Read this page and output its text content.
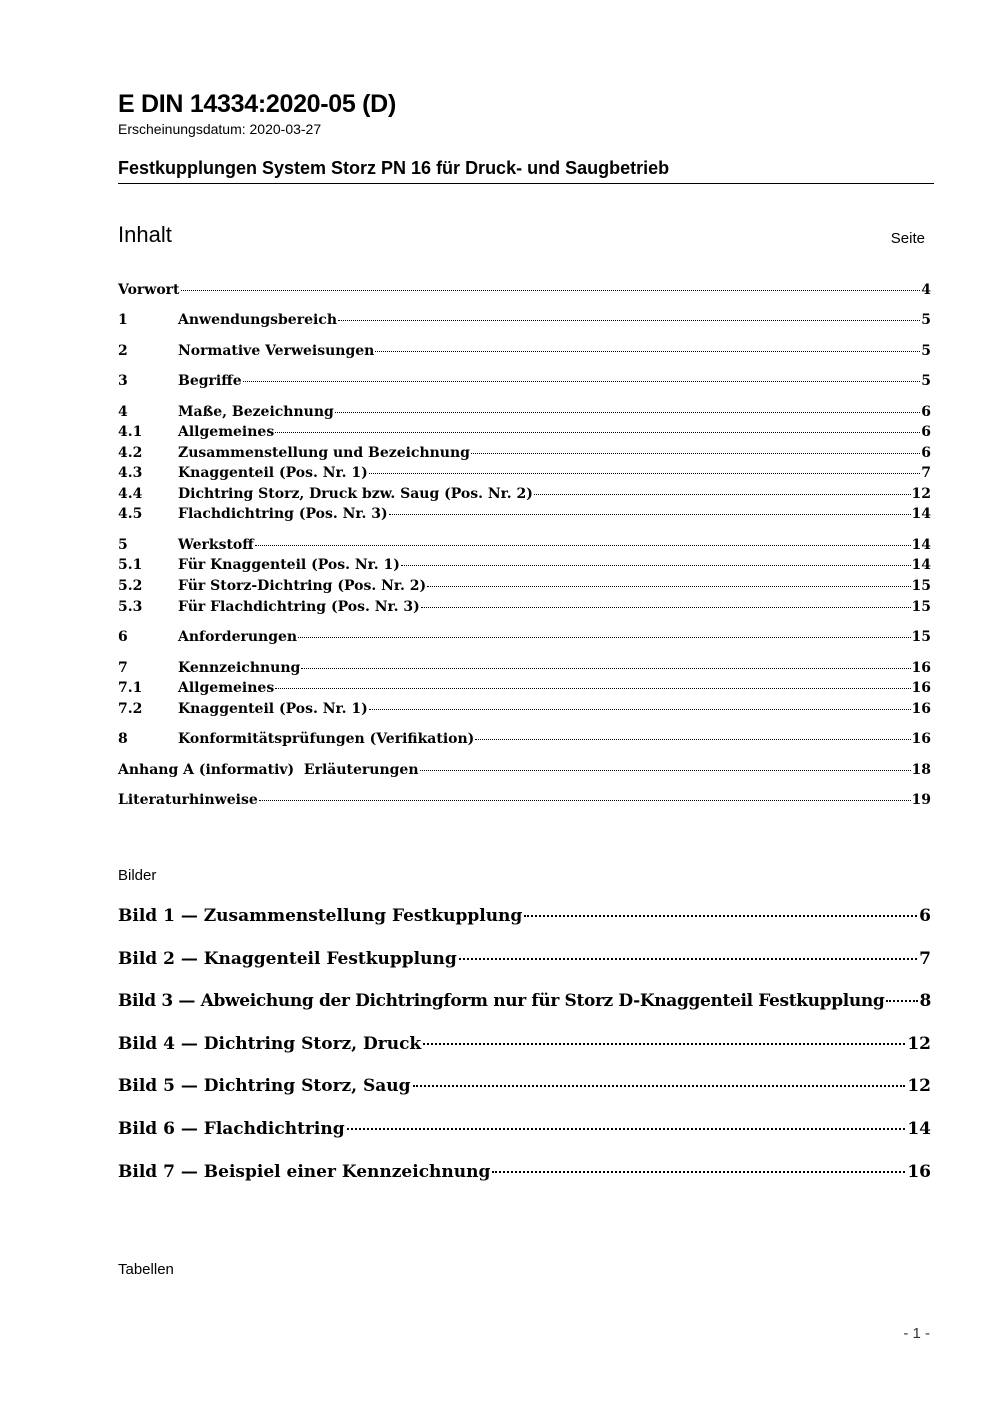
E DIN 14334:2020-05 (D)
Erscheinungsdatum: 2020-03-27
Festkupplungen System Storz PN 16 für Druck- und Saugbetrieb
Inhalt	Seite
Vorwort	4
1	Anwendungsbereich	5
2	Normative Verweisungen	5
3	Begriffe	5
4	Maße, Bezeichnung	6
4.1	Allgemeines	6
4.2	Zusammenstellung und Bezeichnung	6
4.3	Knaggenteil (Pos. Nr. 1)	7
4.4	Dichtring Storz, Druck bzw. Saug (Pos. Nr. 2)	12
4.5	Flachdichtring (Pos. Nr. 3)	14
5	Werkstoff	14
5.1	Für Knaggenteil (Pos. Nr. 1)	14
5.2	Für Storz-Dichtring (Pos. Nr. 2)	15
5.3	Für Flachdichtring (Pos. Nr. 3)	15
6	Anforderungen	15
7	Kennzeichnung	16
7.1	Allgemeines	16
7.2	Knaggenteil (Pos. Nr. 1)	16
8	Konformitätsprüfungen (Verifikation)	16
Anhang A (informativ)  Erläuterungen	18
Literaturhinweise	19
Bilder
Bild 1 — Zusammenstellung Festkupplung	6
Bild 2 — Knaggenteil Festkupplung	7
Bild 3 — Abweichung der Dichtringform nur für Storz D-Knaggenteil Festkupplung 8
Bild 4 — Dichtring Storz, Druck	12
Bild 5 — Dichtring Storz, Saug	12
Bild 6 — Flachdichtring	14
Bild 7 — Beispiel einer Kennzeichnung	16
Tabellen
- 1 -
